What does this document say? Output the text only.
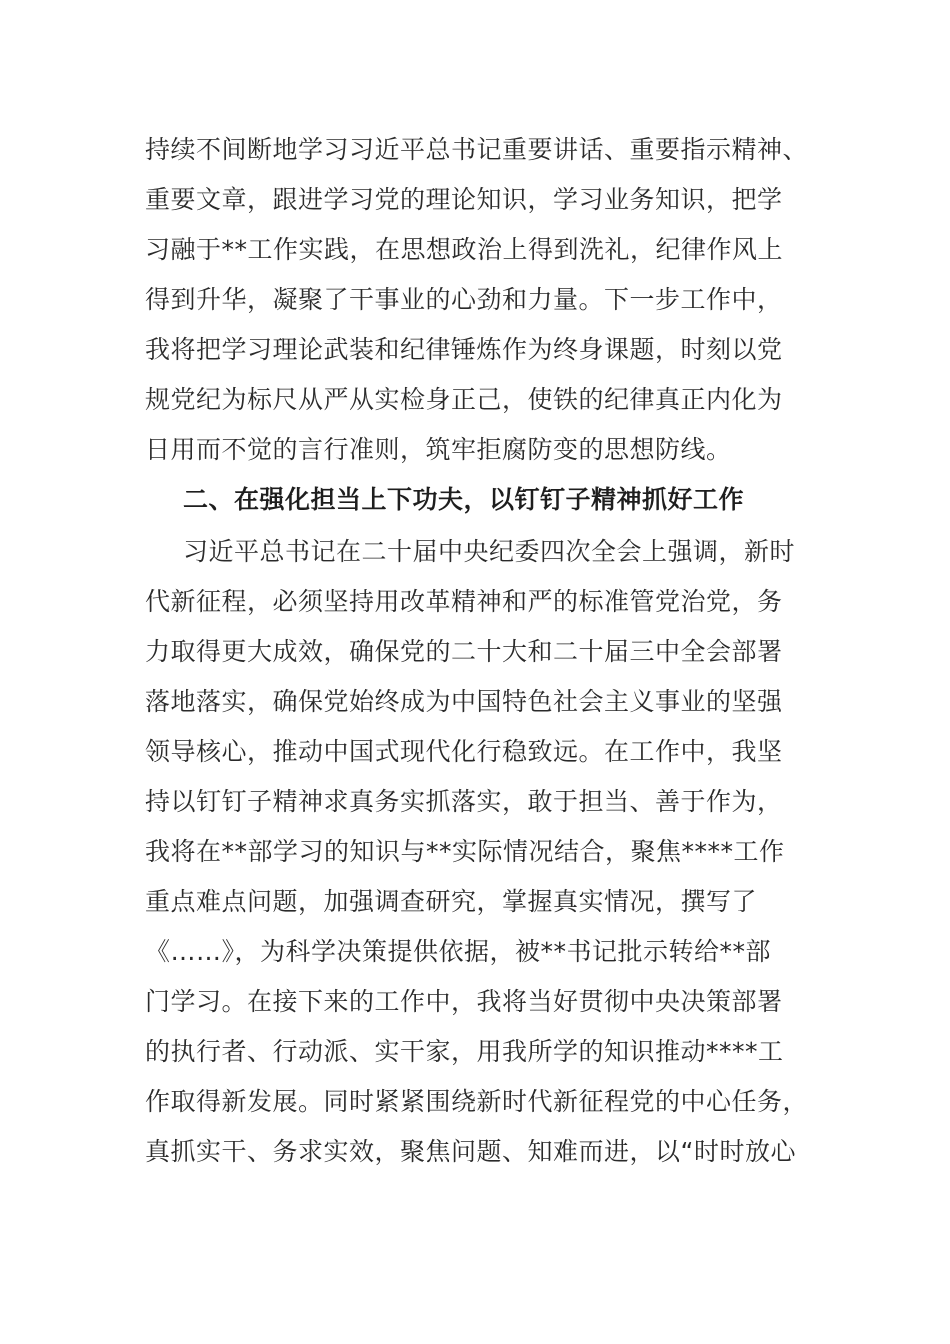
持续不间断地学习习近平总书记重要讲话、重要指示精神、
重要文章，跟进学习党的理论知识，学习业务知识，把学
习融于**工作实践，在思想政治上得到洗礼，纪律作风上
得到升华，凝聚了干事业的心劲和力量。下一步工作中，
我将把学习理论武装和纪律锤炼作为终身课题，时刻以党
规党纪为标尺从严从实检身正己，使铁的纪律真正内化为
日用而不觉的言行准则，筑牢拒腐防变的思想防线。
二、在强化担当上下功夫，以钉钉子精神抓好工作
习近平总书记在二十届中央纪委四次全会上强调，新时
代新征程，必须坚持用改革精神和严的标准管党治党，务
力取得更大成效，确保党的二十大和二十届三中全会部署
落地落实，确保党始终成为中国特色社会主义事业的坚强
领导核心，推动中国式现代化行稳致远。在工作中，我坚
持以钉钉子精神求真务实抓落实，敢于担当、善于作为，
我将在**部学习的知识与**实际情况结合，聚焦****工作
重点难点问题，加强调查研究，掌握真实情况，撰写了
《……》，为科学决策提供依据，被**书记批示转给**部
门学习。在接下来的工作中，我将当好贯彻中央决策部署
的执行者、行动派、实干家，用我所学的知识推动****工
作取得新发展。同时紧紧围绕新时代新征程党的中心任务，
真抓实干、务求实效，聚焦问题、知难而进，以“时时放心
